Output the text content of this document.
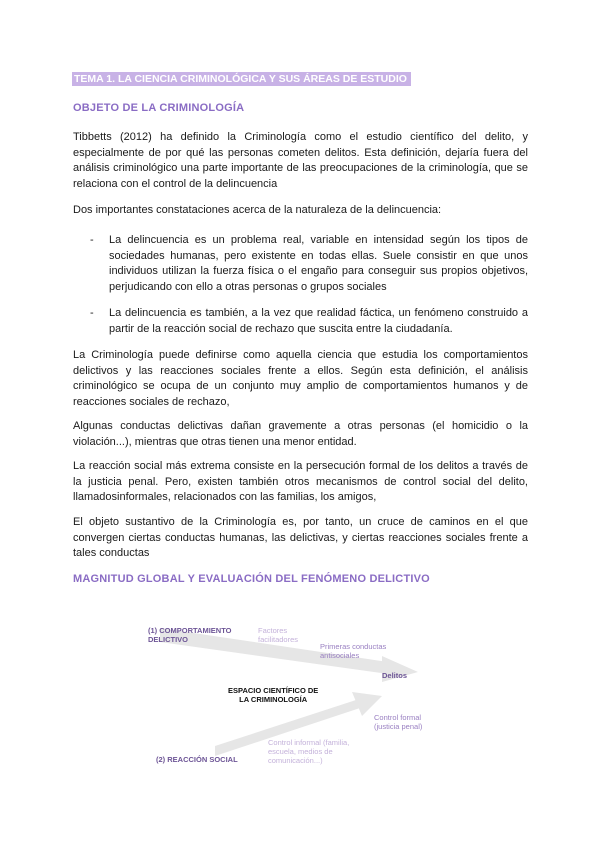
TEMA 1. LA CIENCIA CRIMINOLÓGICA Y SUS ÁREAS DE ESTUDIO
OBJETO DE LA CRIMINOLOGÍA

Tibbetts (2012) ha definido la Criminología como el estudio científico del delito, y especialmente de por qué las personas cometen delitos. Esta definición, dejaría fuera del análisis criminológico una parte importante de las preocupaciones de la criminología, que se relaciona con el control de la delincuencia

Dos importantes constataciones acerca de la naturaleza de la delincuencia:

- La delincuencia es un problema real, variable en intensidad según los tipos de sociedades humanas, pero existente en todas ellas. Suele consistir en que unos individuos utilizan la fuerza física o el engaño para conseguir sus propios objetivos, perjudicando con ello a otras personas o grupos sociales

- La delincuencia es también, a la vez que realidad fáctica, un fenómeno construido a partir de la reacción social de rechazo que suscita entre la ciudadanía.

La Criminología puede definirse como aquella ciencia que estudia los comportamientos delictivos y las reacciones sociales frente a ellos. Según esta definición, el análisis criminológico se ocupa de un conjunto muy amplio de comportamientos humanos y de reacciones sociales de rechazo,

Algunas conductas delictivas dañan gravemente a otras personas (el homicidio o la violación...), mientras que otras tienen una menor entidad.

La reacción social más extrema consiste en la persecución formal de los delitos a través de la justicia penal. Pero, existen también otros mecanismos de control social del delito, llamadosinformales, relacionados con las familias, los amigos,

El objeto sustantivo de la Criminología es, por tanto, un cruce de caminos en el que convergen ciertas conductas humanas, las delictivas, y ciertas reacciones sociales frente a tales conductas

MAGNITUD GLOBAL Y EVALUACIÓN DEL FENÓMENO DELICTIVO
(1) COMPORTAMIENTO
DELICTIVO
Factores
facilitadores
Primeras conductas
antisociales
Delitos
ESPACIO CIENTÍFICO DE
LA CRIMINOLOGÍA
Control formal
(justicia penal)
Control informal (familia,
escuela, medios de
comunicación...)
(2) REACCIÓN SOCIAL
